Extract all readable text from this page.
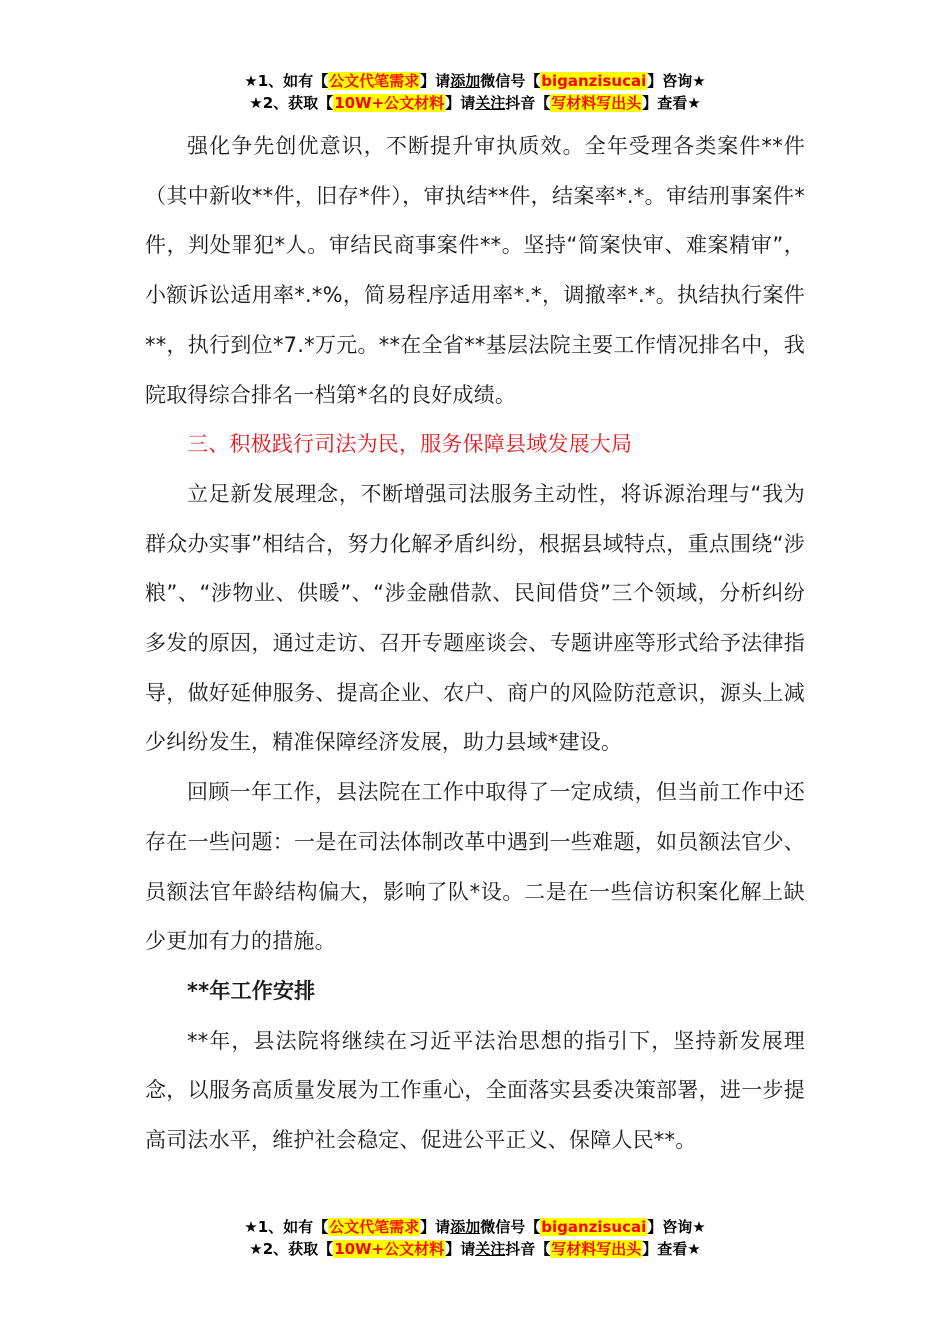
★1、如有【公文代笔需求】请添加微信号【biganzisucai】咨询★
★2、获取【10W+公文材料】请关注抖音【写材料写出头】查看★

强化争先创优意识，不断提升审执质效。全年受理各类案件**件（其中新收**件，旧存*件），审执结**件，结案率*.*。审结刑事案件*件，判处罪犯*人。审结民商事案件**。坚持“简案快审、难案精审”，小额诉讼适用率*.*%，简易程序适用率*.*，调撤率*.*。执结执行案件**，执行到位*7.*万元。**在全省**基层法院主要工作情况排名中，我院取得综合排名一档第*名的良好成绩。

三、积极践行司法为民，服务保障县域发展大局

立足新发展理念，不断增强司法服务主动性，将诉源治理与“我为群众办实事”相结合，努力化解矛盾纠纷，根据县域特点，重点围绕“涉粮”、“涉物业、供暖”、“涉金融借款、民间借贷”三个领域，分析纠纷多发的原因，通过走访、召开专题座谈会、专题讲座等形式给予法律指导，做好延伸服务、提高企业、农户、商户的风险防范意识，源头上减少纠纷发生，精准保障经济发展，助力县域*建设。

回顾一年工作，县法院在工作中取得了一定成绩，但当前工作中还存在一些问题：一是在司法体制改革中遇到一些难题，如员额法官少、员额法官年龄结构偏大，影响了队*设。二是在一些信访积案化解上缺少更加有力的措施。

**年工作安排

**年，县法院将继续在习近平法治思想的指引下，坚持新发展理念，以服务高质量发展为工作重心，全面落实县委决策部署，进一步提高司法水平，维护社会稳定、促进公平正义、保障人民**。

★1、如有【公文代笔需求】请添加微信号【biganzisucai】咨询★
★2、获取【10W+公文材料】请关注抖音【写材料写出头】查看★
